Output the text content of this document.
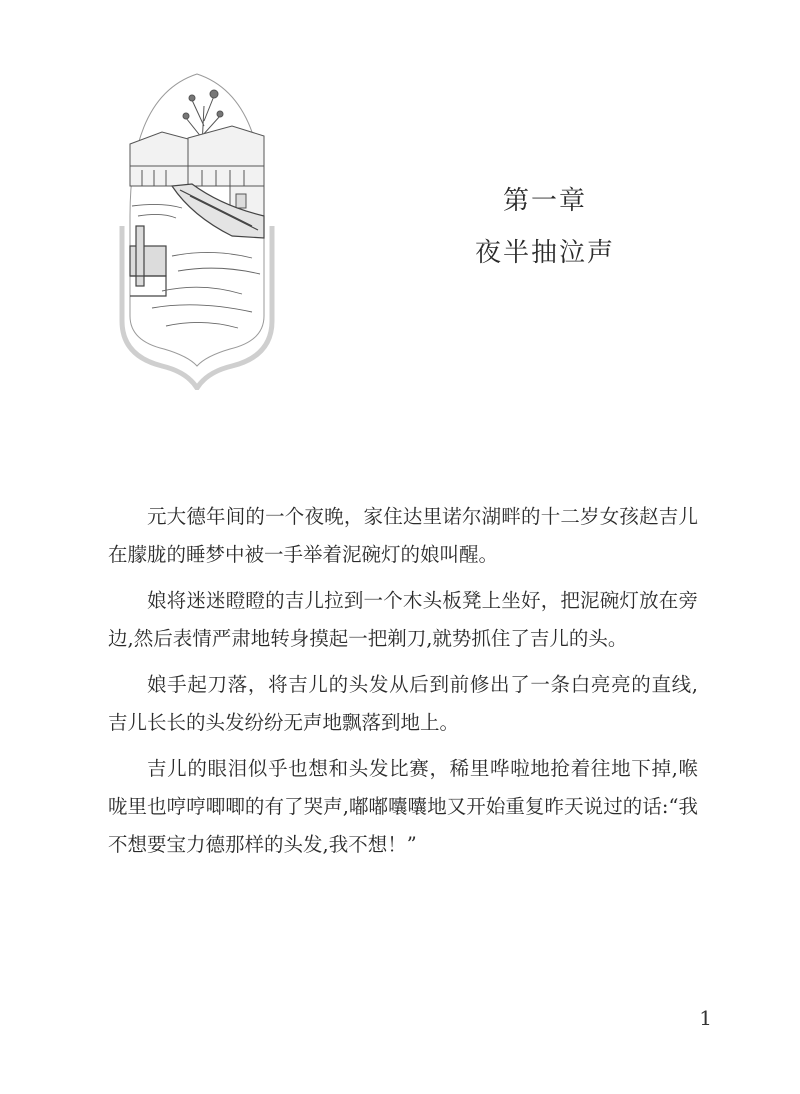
第一章
夜半抽泣声

元大德年间的一个夜晚，家住达里诺尔湖畔的十二岁女孩赵吉儿在朦胧的睡梦中被一手举着泥碗灯的娘叫醒。

娘将迷迷瞪瞪的吉儿拉到一个木头板凳上坐好，把泥碗灯放在旁边,然后表情严肃地转身摸起一把剃刀,就势抓住了吉儿的头。

娘手起刀落，将吉儿的头发从后到前修出了一条白亮亮的直线,吉儿长长的头发纷纷无声地飘落到地上。

吉儿的眼泪似乎也想和头发比赛，稀里哗啦地抢着往地下掉,喉咙里也哼哼唧唧的有了哭声,嘟嘟囔囔地又开始重复昨天说过的话:“我不想要宝力德那样的头发,我不想！”

1
